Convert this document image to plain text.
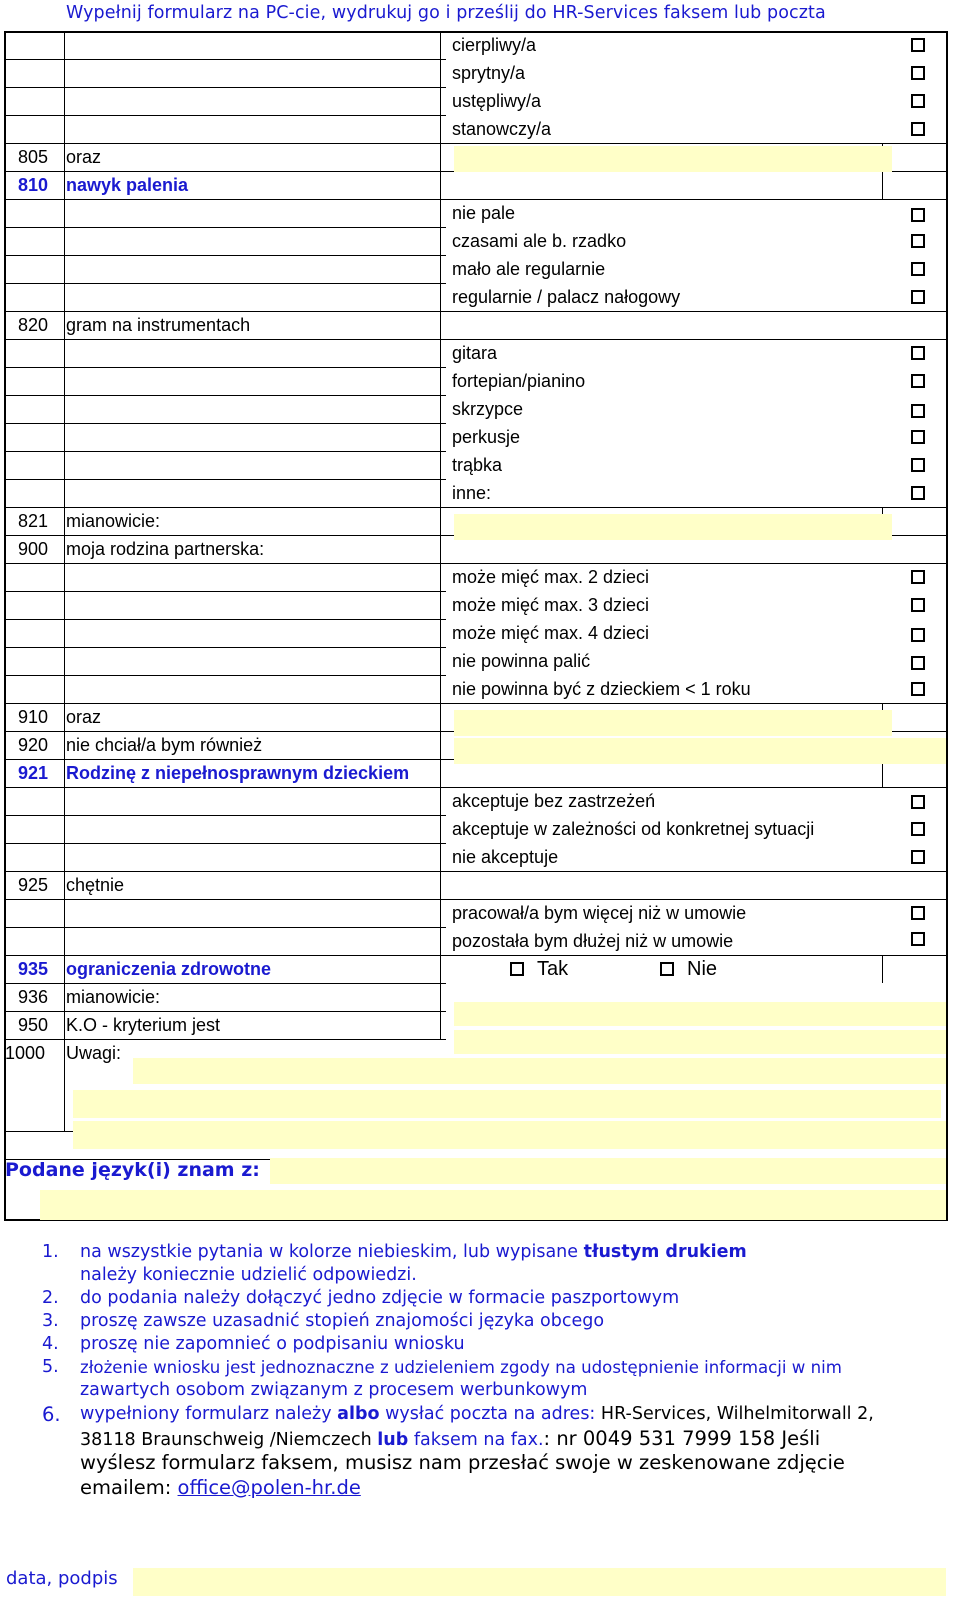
Wypełnij formularz na PC-cie, wydrukuj go i prześlij do HR-Services faksem lub poczta
cierpliwy/a
sprytny/a
ustępliwy/a
stanowczy/a
805 oraz
810 nawyk palenia
nie pale
czasami ale b. rzadko
mało ale regularnie
regularnie / palacz nałogowy
820 gram na instrumentach
gitara
fortepian/pianino
skrzypce
perkusje
trąbka
inne:
821 mianowicie:
900 moja rodzina partnerska:
może mięć max. 2 dzieci
może mięć max. 3 dzieci
może mięć max. 4 dzieci
nie powinna palić
nie powinna być z dzieckiem < 1 roku
910 oraz
920 nie chciał/a bym również
921 Rodzinę z niepełnosprawnym dzieckiem
akceptuje bez zastrzeżeń
akceptuje w zależności od konkretnej sytuacji
nie akceptuje
925 chętnie
pracował/a bym więcej niż w umowie
pozostała bym dłużej niż w umowie
935 ograniczenia zdrowotne	Tak	Nie
936 mianowicie:
950 K.O - kryterium jest
1000 Uwagi:
Podane język(i) znam z:
1. na wszystkie pytania w kolorze niebieskim, lub wypisane tłustym drukiem
należy koniecznie udzielić odpowiedzi.
2. do podania należy dołączyć jedno zdjęcie w formacie paszportowym
3. proszę zawsze uzasadnić stopień znajomości języka obcego
4. proszę nie zapomnieć o podpisaniu wniosku
5. złożenie wniosku jest jednoznaczne z udzieleniem zgody na udostępnienie informacji w nim
zawartych osobom związanym z procesem werbunkowym
6. wypełniony formularz należy albo wysłać poczta na adres: HR-Services, Wilhelmitorwall 2,
38118 Braunschweig /Niemczech lub faksem na fax.: nr 0049 531 7999 158 Jeśli
wyślesz formularz faksem, musisz nam przesłać swoje w zeskenowane zdjęcie
emailem: office@polen-hr.de
data, podpis
